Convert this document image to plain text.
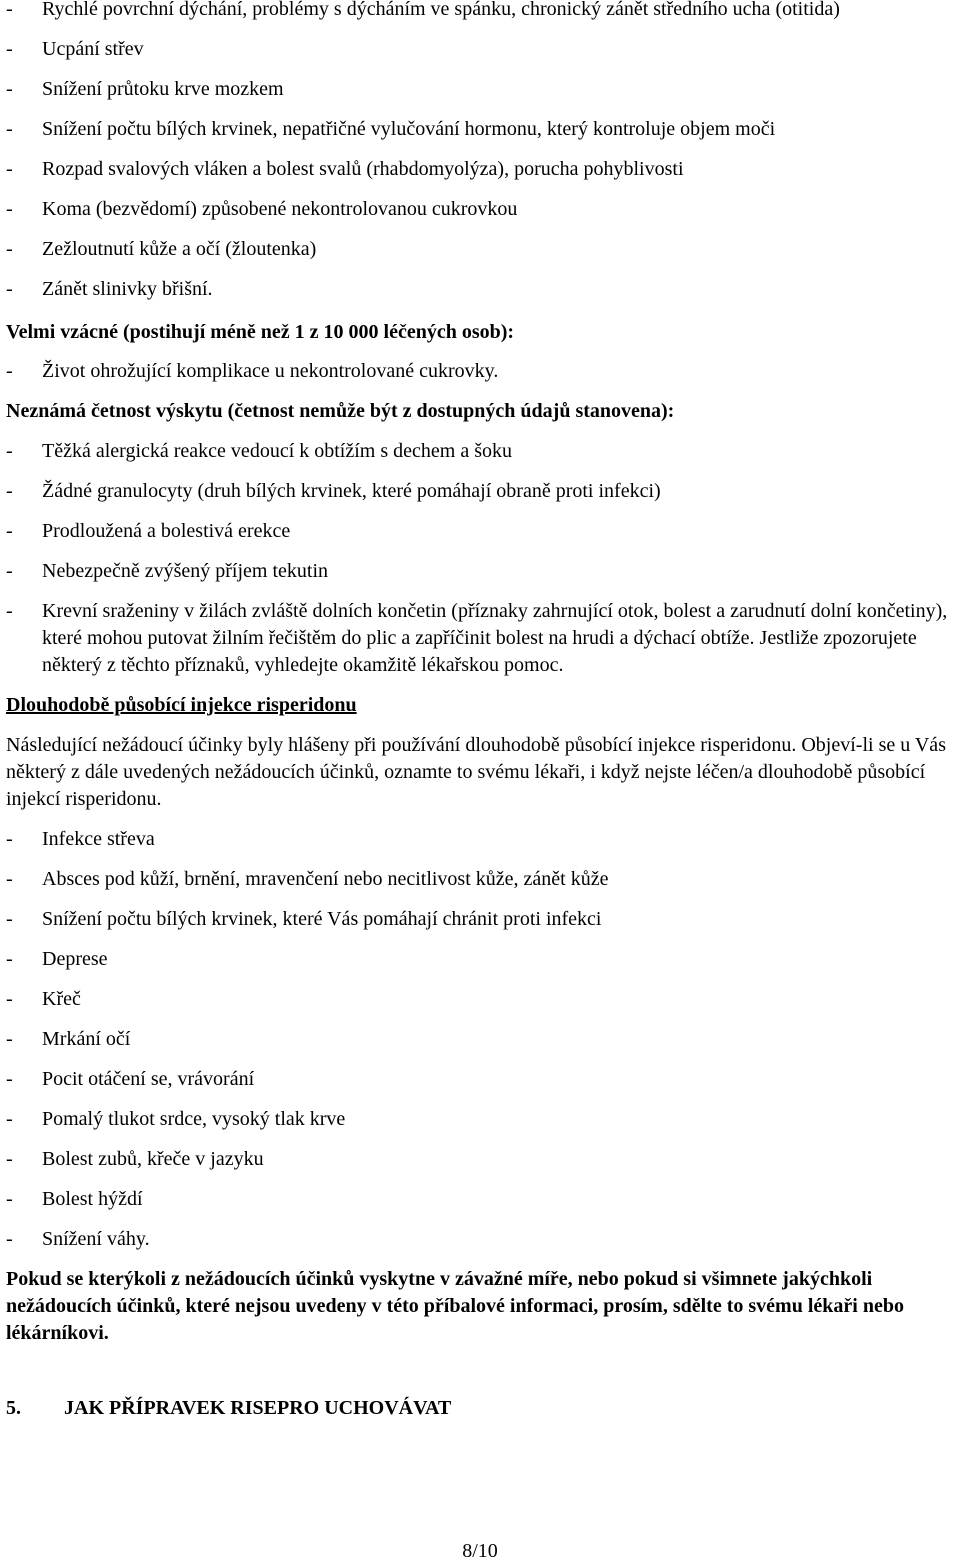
- Rychlé povrchní dýchání, problémy s dýcháním ve spánku, chronický zánět středního ucha (otitida)
- Ucpání střev
- Snížení průtoku krve mozkem
- Snížení počtu bílých krvinek, nepatřičné vylučování hormonu, který kontroluje objem moči
- Rozpad svalových vláken a bolest svalů (rhabdomyolýza), porucha pohyblivosti
- Koma (bezvědomí) způsobené nekontrolovanou cukrovkou
- Zežloutnutí kůže a očí (žloutenka)
- Zánět slinivky břišní.
Velmi vzácné (postihují méně než 1 z 10 000 léčených osob):
- Život ohrožující komplikace u nekontrolované cukrovky.
Neznámá četnost výskytu (četnost nemůže být z dostupných údajů stanovena):
- Těžká alergická reakce vedoucí k obtížím s dechem a šoku
- Žádné granulocyty (druh bílých krvinek, které pomáhají obraně proti infekci)
- Prodloužená a bolestivá erekce
- Nebezpečně zvýšený příjem tekutin
- Krevní sraženiny v žilách zvláště dolních končetin (příznaky zahrnující otok, bolest a zarudnutí dolní končetiny), které mohou putovat žilním řečištěm do plic a zapříčinit bolest na hrudi a dýchací obtíže. Jestliže zpozorujete některý z těchto příznaků, vyhledejte okamžitě lékařskou pomoc.
Dlouhodobě působící injekce risperidonu
Následující nežádoucí účinky byly hlášeny při používání dlouhodobě působící injekce risperidonu. Objeví-li se u Vás některý z dále uvedených nežádoucích účinků, oznamte to svému lékaři, i když nejste léčen/a dlouhodobě působící injekcí risperidonu.
- Infekce střeva
- Absces pod kůží, brnění, mravenčení nebo necitlivost kůže, zánět kůže
- Snížení počtu bílých krvinek, které Vás pomáhají chránit proti infekci
- Deprese
- Křeč
- Mrkání očí
- Pocit otáčení se, vrávorání
- Pomalý tlukot srdce, vysoký tlak krve
- Bolest zubů, křeče v jazyku
- Bolest hýždí
- Snížení váhy.
Pokud se kterýkoli z nežádoucích účinků vyskytne v závažné míře, nebo pokud si všimnete jakýchkoli nežádoucích účinků, které nejsou uvedeny v této příbalové informaci, prosím, sdělte to svému lékaři nebo lékárníkovi.
5. JAK PŘÍPRAVEK RISEPRO UCHOVÁVAT
8/10
